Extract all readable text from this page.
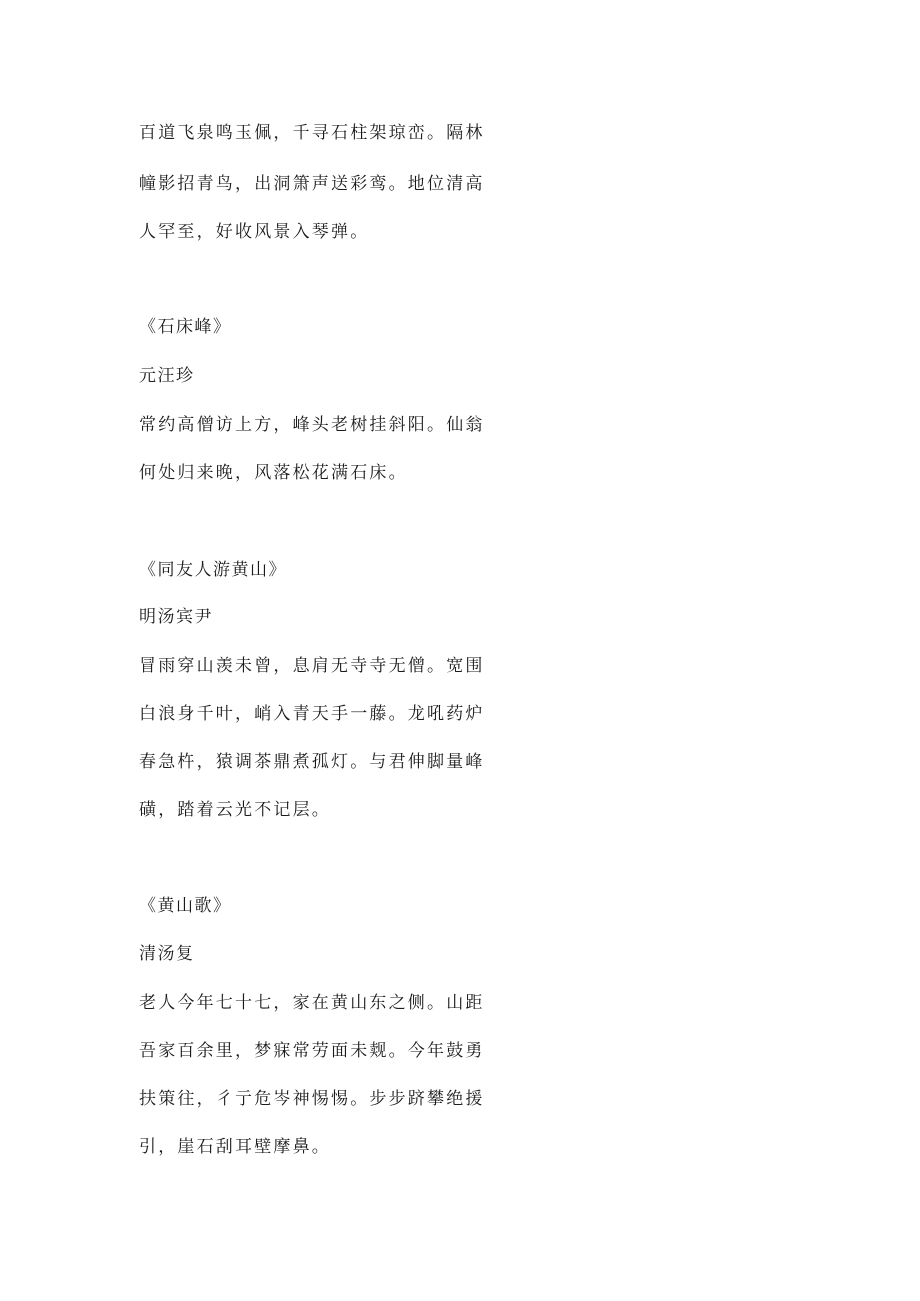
百道飞泉鸣玉佩，千寻石柱架琼峦。隔林

幢影招青鸟，出洞箫声送彩鸾。地位清高

人罕至，好收风景入琴弹。

《石床峰》

元汪珍

常约高僧访上方，峰头老树挂斜阳。仙翁

何处归来晚，风落松花满石床。

《同友人游黄山》

明汤宾尹

冒雨穿山羡未曾，息肩无寺寺无僧。宽围

白浪身千叶，峭入青天手一藤。龙吼药炉

春急杵，猿调茶鼎煮孤灯。与君伸脚量峰

磺，踏着云光不记层。

《黄山歌》

清汤复

老人今年七十七，家在黄山东之侧。山距

吾家百余里，梦寐常劳面未觌。今年鼓勇

扶策往，彳亍危岑神惕惕。步步跻攀绝援

引，崖石刮耳壁摩鼻。
